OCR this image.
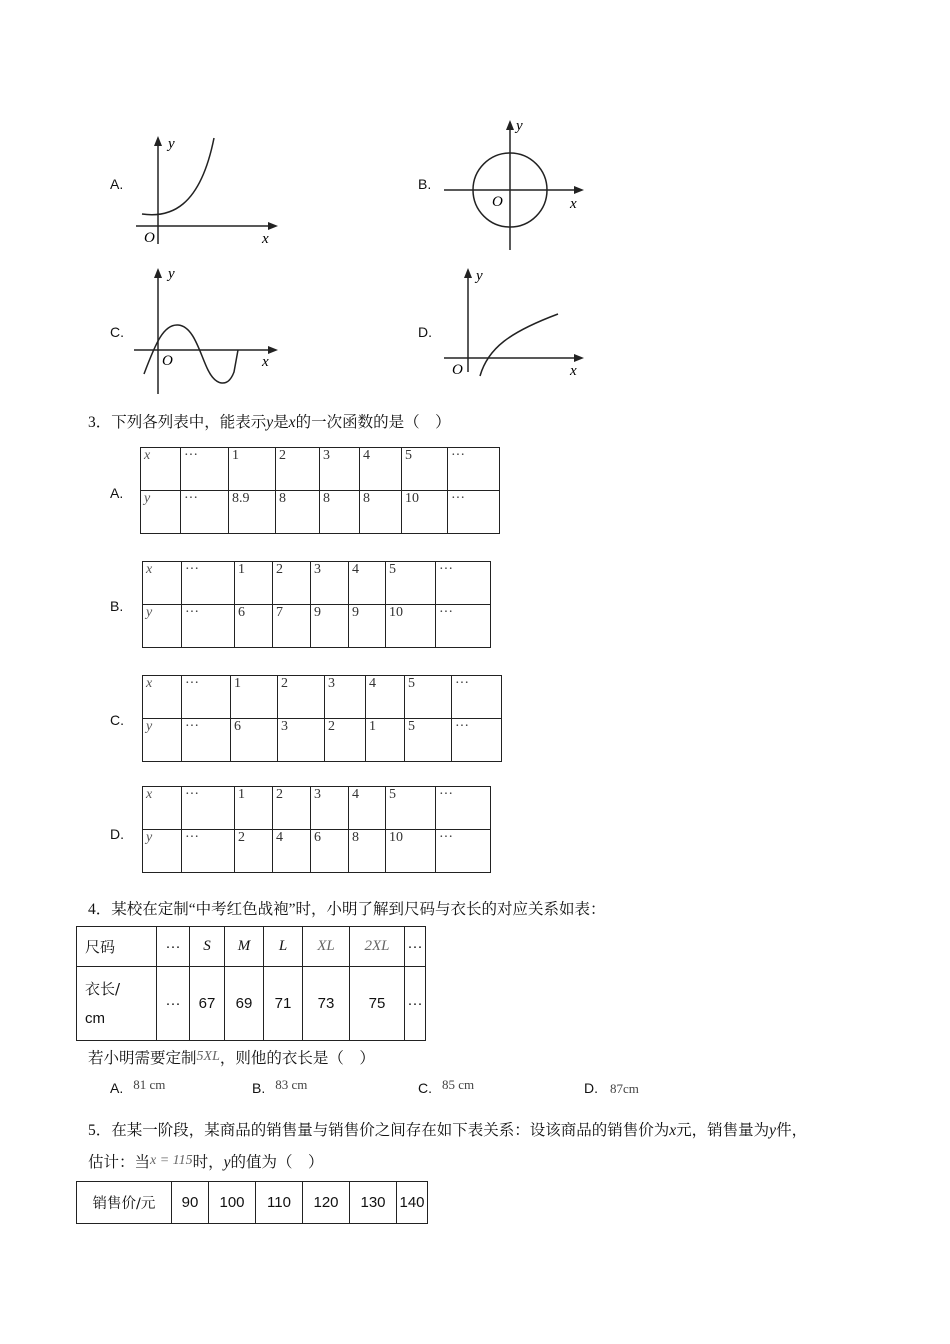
A.
y
O	x
B.
y
O	x
C.
y
O	x
D.
y
O	x
3．下列各列表中，能表示y是x的一次函数的是（　）
A.
x	···	1	2	3	4	5	···
y	···	8.9	8	8	8	10	···
B.
x	···	1	2	3	4	5	···
y	···	6	7	9	9	10	···
C.
x	···	1	2	3	4	5	···
y	···	6	3	2	1	5	···
D.
x	···	1	2	3	4	5	···
y	···	2	4	6	8	10	···
4．某校在定制“中考红色战袍”时，小明了解到尺码与衣长的对应关系如表：
尺码	···	S	M	L	XL	2XL	···

衣长/
cm	···	67	69	71	73	75	···
若小明需要定制5XL，则他的衣长是（　）
A. $^{81 cm}$	B. $^{83 cm}$	C. $^{85 cm}$	D. 87cm
5．在某一阶段，某商品的销售量与销售价之间存在如下表关系：设该商品的销售价为x元，销售量为y件，
估计：当x = 115时，y的值为（　）
销售价/元	90	100	110	120	130	140
